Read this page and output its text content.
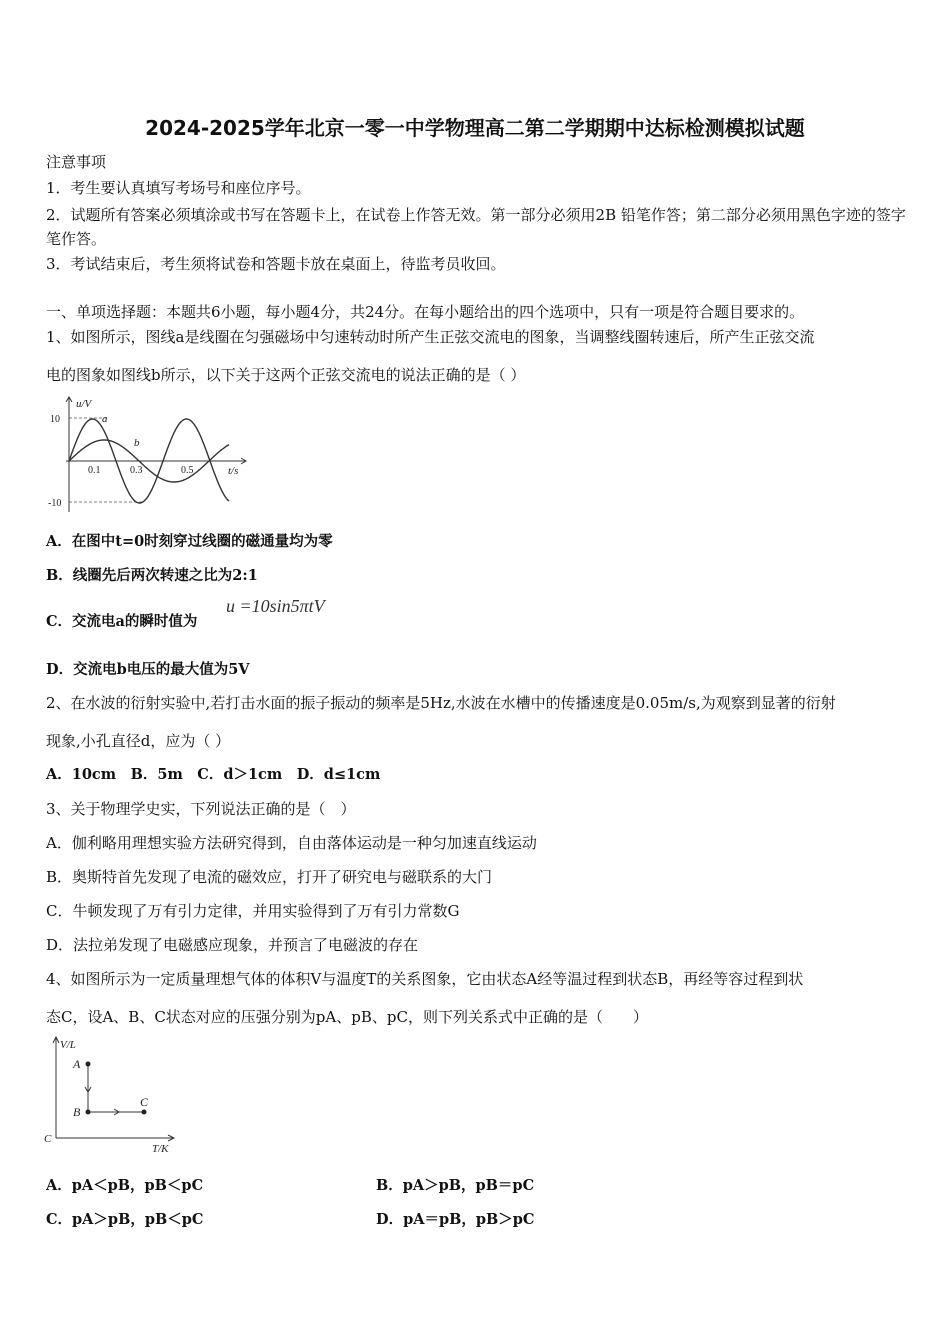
2024-2025学年北京一零一中学物理高二第二学期期中达标检测模拟试题
注意事项
1．考生要认真填写考场号和座位序号。
2．试题所有答案必须填涂或书写在答题卡上，在试卷上作答无效。第一部分必须用2B 铅笔作答；第二部分必须用黑色字迹的签字笔作答。
3．考试结束后，考生须将试卷和答题卡放在桌面上，待监考员收回。
一、单项选择题：本题共6小题，每小题4分，共24分。在每小题给出的四个选项中，只有一项是符合题目要求的。
1、如图所示，图线a是线圈在匀强磁场中匀速转动时所产生正弦交流电的图象，当调整线圈转速后，所产生正弦交流
电的图象如图线b所示，以下关于这两个正弦交流电的说法正确的是（ ）
u/V
10
-10
0.1	0.3	0.5	t/s
a
b
A．在图中t=0时刻穿过线圈的磁通量均为零
B．线圈先后两次转速之比为2:1
C．交流电a的瞬时值为
u =10sin5πtV
D．交流电b电压的最大值为5V
2、在水波的衍射实验中,若打击水面的振子振动的频率是5Hz,水波在水槽中的传播速度是0.05m/s,为观察到显著的衍射
现象,小孔直径d，应为（ ）
A．10cm　B．5m　C．d＞1cm　D．d≤1cm
3、关于物理学史实，下列说法正确的是（　）
A．伽利略用理想实验方法研究得到，自由落体运动是一种匀加速直线运动
B．奥斯特首先发现了电流的磁效应，打开了研究电与磁联系的大门
C．牛顿发现了万有引力定律，并用实验得到了万有引力常数G
D．法拉弟发现了电磁感应现象，并预言了电磁波的存在
4、如图所示为一定质量理想气体的体积V与温度T的关系图象，它由状态A经等温过程到状态B，再经等容过程到状
态C，设A、B、C状态对应的压强分别为pA、pB、pC，则下列关系式中正确的是（　　）
V/L
T/K
C
A
B
C
A．pA＜pB，pB＜pC	B．pA＞pB，pB＝pC
C．pA＞pB，pB＜pC	D．pA＝pB，pB＞pC
